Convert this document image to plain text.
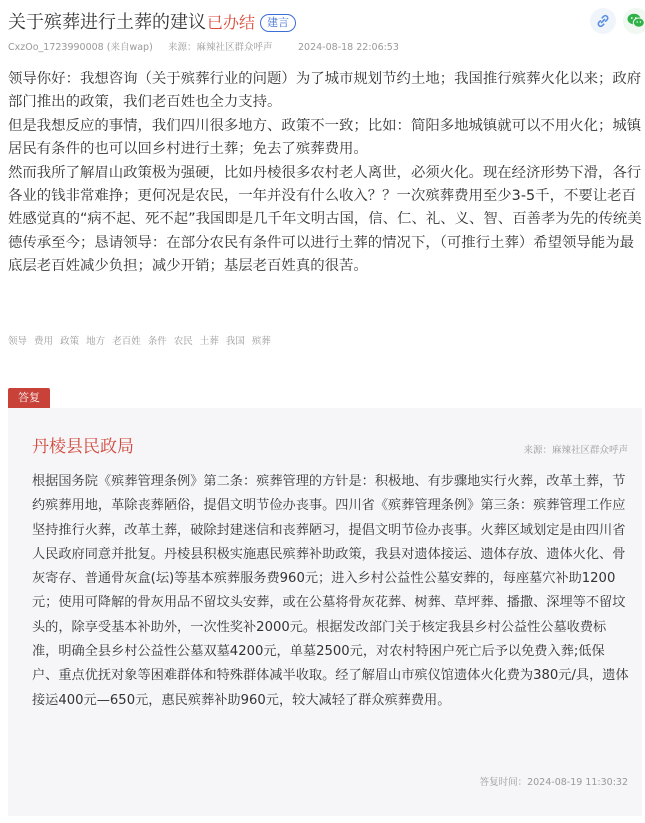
关于殡葬进行土葬的建议 已办结	建言
CxzOo_1723990008 (来自wap) 来源：麻辣社区群众呼声	2024-08-18 22:06:53

领导你好：我想咨询（关于殡葬行业的问题）为了城市规划节约土地；我国推行殡葬火化以来；政府部门推出的政策，我们老百姓也全力支持。

但是我想反应的事情，我们四川很多地方、政策不一致；比如：简阳多地城镇就可以不用火化；城镇居民有条件的也可以回乡村进行土葬；免去了殡葬费用。

然而我所了解眉山政策极为强硬，比如丹棱很多农村老人离世，必须火化。现在经济形势下滑，各行各业的钱非常难挣；更何况是农民，一年并没有什么收入？？一次殡葬费用至少3-5千，不要让老百姓感觉真的“病不起、死不起”我国即是几千年文明古国，信、仁、礼、义、智、百善孝为先的传统美德传承至今；恳请领导：在部分农民有条件可以进行土葬的情况下，（可推行土葬）希望领导能为最底层老百姓减少负担；减少开销；基层老百姓真的很苦。

领导 费用 政策 地方 老百姓 条件 农民 土葬 我国 殡葬
答复
丹棱县民政局	来源：麻辣社区群众呼声
根据国务院《殡葬管理条例》第二条：殡葬管理的方针是：积极地、有步骤地实行火葬，改革土葬，节约殡葬用地，革除丧葬陋俗，提倡文明节俭办丧事。四川省《殡葬管理条例》第三条：殡葬管理工作应坚持推行火葬，改革土葬，破除封建迷信和丧葬陋习，提倡文明节俭办丧事。火葬区域划定是由四川省人民政府同意并批复。丹棱县积极实施惠民殡葬补助政策，我县对遗体接运、遗体存放、遗体火化、骨灰寄存、普通骨灰盒(坛)等基本殡葬服务费960元；进入乡村公益性公墓安葬的，每座墓穴补助1200元；使用可降解的骨灰用品不留坟头安葬，或在公墓将骨灰花葬、树葬、草坪葬、播撒、深埋等不留坟头的，除享受基本补助外，一次性奖补2000元。根据发改部门关于核定我县乡村公益性公墓收费标准，明确全县乡村公益性公墓双墓4200元，单墓2500元，对农村特困户死亡后予以免费入葬;低保户、重点优抚对象等困难群体和特殊群体减半收取。经了解眉山市殡仪馆遗体火化费为380元/具，遗体接运400元—650元，惠民殡葬补助960元，较大减轻了群众殡葬费用。
答复时间：2024-08-19 11:30:32
